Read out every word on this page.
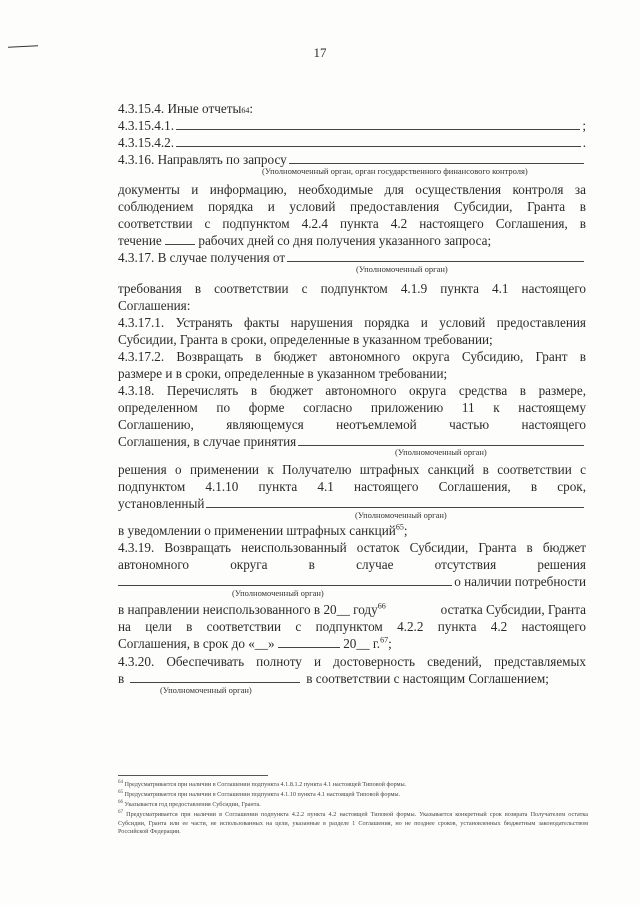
17
4.3.15.4. Иные отчеты 64 :
4.3.15.4.1.	;
4.3.15.4.2.	.
4.3.16. Направлять по запросу
(Уполномоченный орган, орган государственного финансового контроля)
документы и информацию, необходимые для осуществления контроля за
соблюдением порядка и условий предоставления Субсидии, Гранта в
соответствии с подпунктом 4.2.4 пункта 4.2 настоящего Соглашения, в
течение	рабочих дней со дня получения указанного запроса;
4.3.17. В случае получения от
(Уполномоченный орган)
требования в соответствии с подпунктом 4.1.9 пункта 4.1 настоящего
Соглашения:
4.3.17.1. Устранять факты нарушения порядка и условий предоставления
Субсидии, Гранта в сроки, определенные в указанном требовании;
4.3.17.2. Возвращать в бюджет автономного округа Субсидию, Грант в
размере и в сроки, определенные в указанном требовании;
4.3.18. Перечислять в бюджет автономного округа средства в размере,
определенном по форме согласно приложению 11 к настоящему
Соглашению, являющемуся неотъемлемой частью настоящего
Соглашения, в случае принятия
(Уполномоченный орган)
решения о применении к Получателю штрафных санкций в соответствии с
подпунктом 4.1.10 пункта 4.1 настоящего Соглашения, в срок,
установленный
(Уполномоченный орган)
в уведомлении о применении штрафных санкций$^{65}$;
4.3.19. Возвращать неиспользованный остаток Субсидии, Гранта в бюджет
автономного округа в случае отсутствия решения
о наличии потребности
(Уполномоченный орган)
в направлении неиспользованного в 20__ году$^{66}$	остатка Субсидии, Гранта
на цели в соответствии с подпунктом 4.2.2 пункта 4.2 настоящего
Соглашения, в срок до «__»	20__ г.$^{67}$;
4.3.20. Обеспечивать полноту и достоверность сведений, представляемых
в	в соответствии с настоящим Соглашением;
(Уполномоченный орган)
$^{64}$ Предусматривается при наличии в Соглашении подпункта 4.1.8.1.2 пункта 4.1 настоящей Типовой формы.
$^{65}$ Предусматривается при наличии в Соглашении подпункта 4.1.10 пункта 4.1 настоящей Типовой формы.
$^{66}$ Указывается год предоставления Субсидии, Гранта.
$^{67}$ Предусматривается при наличии в Соглашении подпункта 4.2.2 пункта 4.2 настоящей Типовой формы. Указывается конкретный срок возврата Получателем остатка Субсидии, Гранта или ее части, не использованных на цели, указанные в разделе 1 Соглашения, но не позднее сроков, установленных бюджетным законодательством Российской Федерации.
